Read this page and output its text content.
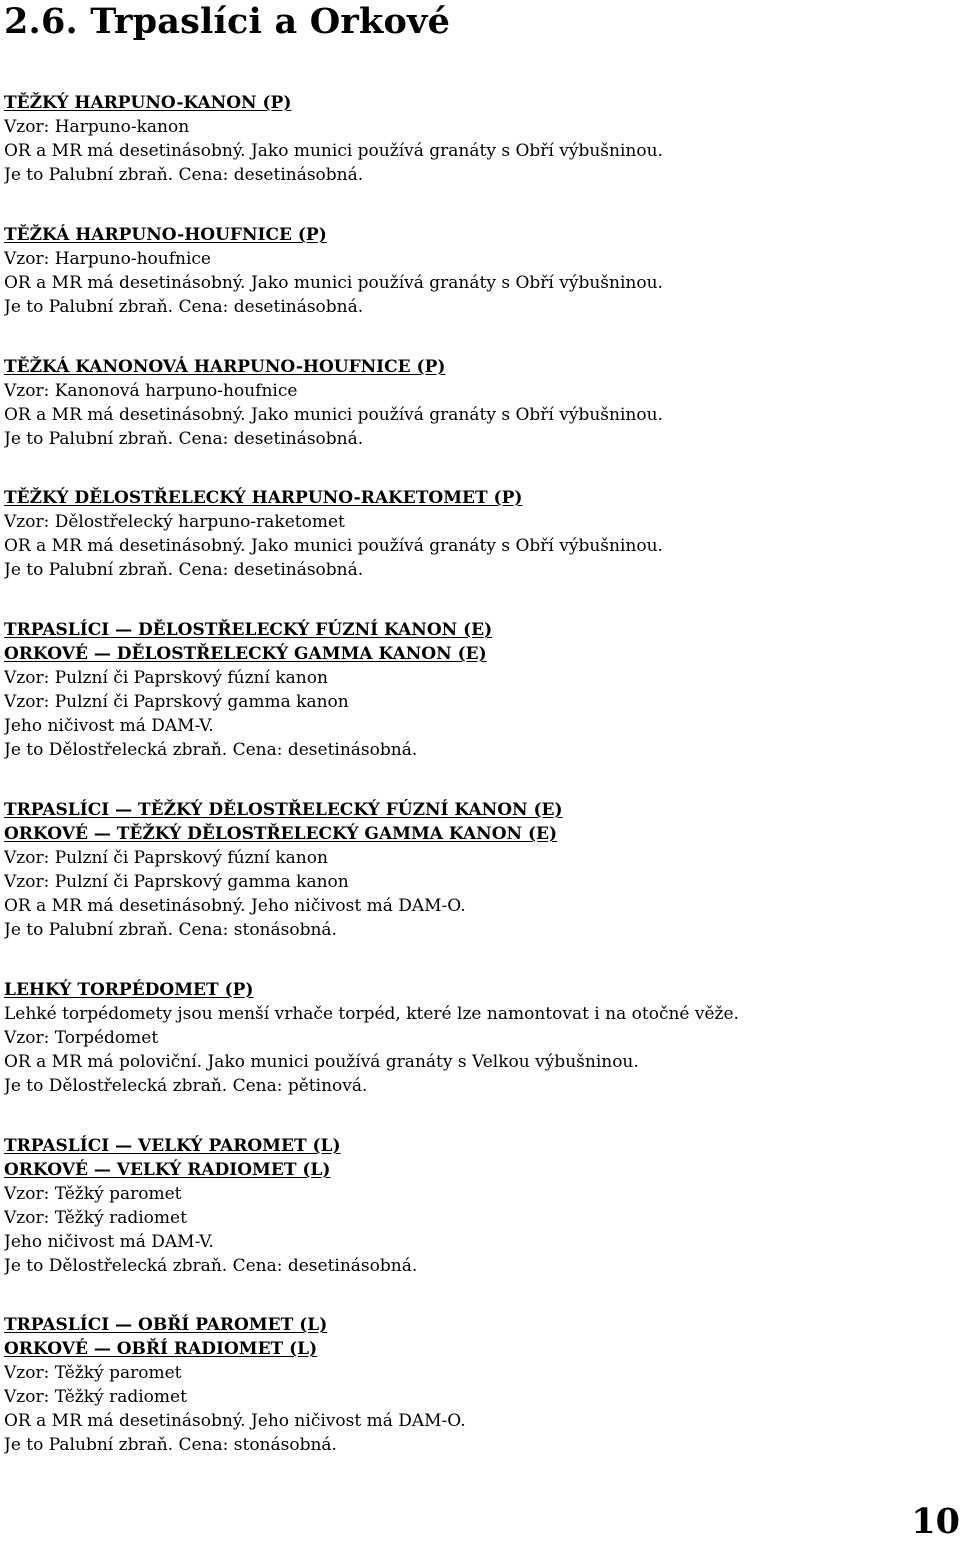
2.6. Trpaslíci a Orkové
TĚŽKÝ HARPUNO-KANON (P)
Vzor: Harpuno-kanon
OR a MR má desetinásobný. Jako munici používá granáty s Obří výbušninou.
Je to Palubní zbraň. Cena: desetinásobná.
TĚŽKÁ HARPUNO-HOUFNICE (P)
Vzor: Harpuno-houfnice
OR a MR má desetinásobný. Jako munici používá granáty s Obří výbušninou.
Je to Palubní zbraň. Cena: desetinásobná.
TĚŽKÁ KANONOVÁ HARPUNO-HOUFNICE (P)
Vzor: Kanonová harpuno-houfnice
OR a MR má desetinásobný. Jako munici používá granáty s Obří výbušninou.
Je to Palubní zbraň. Cena: desetinásobná.
TĚŽKÝ DĚLOSTŘELECKÝ HARPUNO-RAKETOMET (P)
Vzor: Dělostřelecký harpuno-raketomet
OR a MR má desetinásobný. Jako munici používá granáty s Obří výbušninou.
Je to Palubní zbraň. Cena: desetinásobná.
TRPASLÍCI — DĚLOSTŘELECKÝ FÚZNÍ KANON (E)
ORKOVÉ — DĚLOSTŘELECKÝ GAMMA KANON (E)
Vzor: Pulzní či Paprskový fúzní kanon
Vzor: Pulzní či Paprskový gamma kanon
Jeho ničivost má DAM-V.
Je to Dělostřelecká zbraň. Cena: desetinásobná.
TRPASLÍCI — TĚŽKÝ DĚLOSTŘELECKÝ FÚZNÍ KANON (E)
ORKOVÉ — TĚŽKÝ DĚLOSTŘELECKÝ GAMMA KANON (E)
Vzor: Pulzní či Paprskový fúzní kanon
Vzor: Pulzní či Paprskový gamma kanon
OR a MR má desetinásobný. Jeho ničivost má DAM-O.
Je to Palubní zbraň. Cena: stonásobná.
LEHKÝ TORPÉDOMET (P)
Lehké torpédomety jsou menší vrhače torpéd, které lze namontovat i na otočné věže.
Vzor: Torpédomet
OR a MR má poloviční. Jako munici používá granáty s Velkou výbušninou.
Je to Dělostřelecká zbraň. Cena: pětinová.
TRPASLÍCI — VELKÝ PAROMET (L)
ORKOVÉ — VELKÝ RADIOMET (L)
Vzor: Těžký paromet
Vzor: Těžký radiomet
Jeho ničivost má DAM-V.
Je to Dělostřelecká zbraň. Cena: desetinásobná.
TRPASLÍCI — OBŘÍ PAROMET (L)
ORKOVÉ — OBŘÍ RADIOMET (L)
Vzor: Těžký paromet
Vzor: Těžký radiomet
OR a MR má desetinásobný. Jeho ničivost má DAM-O.
Je to Palubní zbraň. Cena: stonásobná.
10
